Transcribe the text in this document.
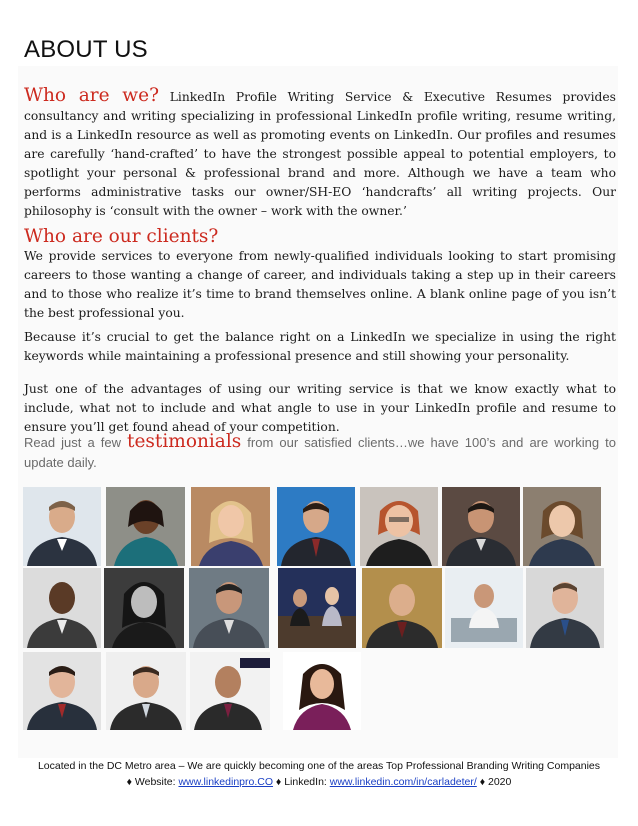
ABOUT US

Who are we? LinkedIn Profile Writing Service & Executive Resumes provides consultancy and writing specializing in professional LinkedIn profile writing, resume writing, and is a LinkedIn resource as well as promoting events on LinkedIn. Our profiles and resumes are carefully ‘hand-crafted’ to have the strongest possible appeal to potential employers, to spotlight your personal & professional brand and more. Although we have a team who performs administrative tasks our owner/SH-EO ‘handcrafts’ all writing projects. Our philosophy is ‘consult with the owner – work with the owner.’

Who are our clients?

We provide services to everyone from newly-qualified individuals looking to start promising careers to those wanting a change of career, and individuals taking a step up in their careers and to those who realize it’s time to brand themselves online. A blank online page of you isn’t the best professional you.

Because it’s crucial to get the balance right on a LinkedIn we specialize in using the right keywords while maintaining a professional presence and still showing your personality.

Just one of the advantages of using our writing service is that we know exactly what to include, what not to include and what angle to use in your LinkedIn profile and resume to ensure you’ll get found ahead of your competition.

Read just a few testimonials from our satisfied clients…we have 100’s and are working to update daily.

Located in the DC Metro area – We are quickly becoming one of the areas Top Professional Branding Writing Companies
♦ Website: www.linkedinpro.CO ♦ LinkedIn: www.linkedin.com/in/carladeter/ ♦ 2020
